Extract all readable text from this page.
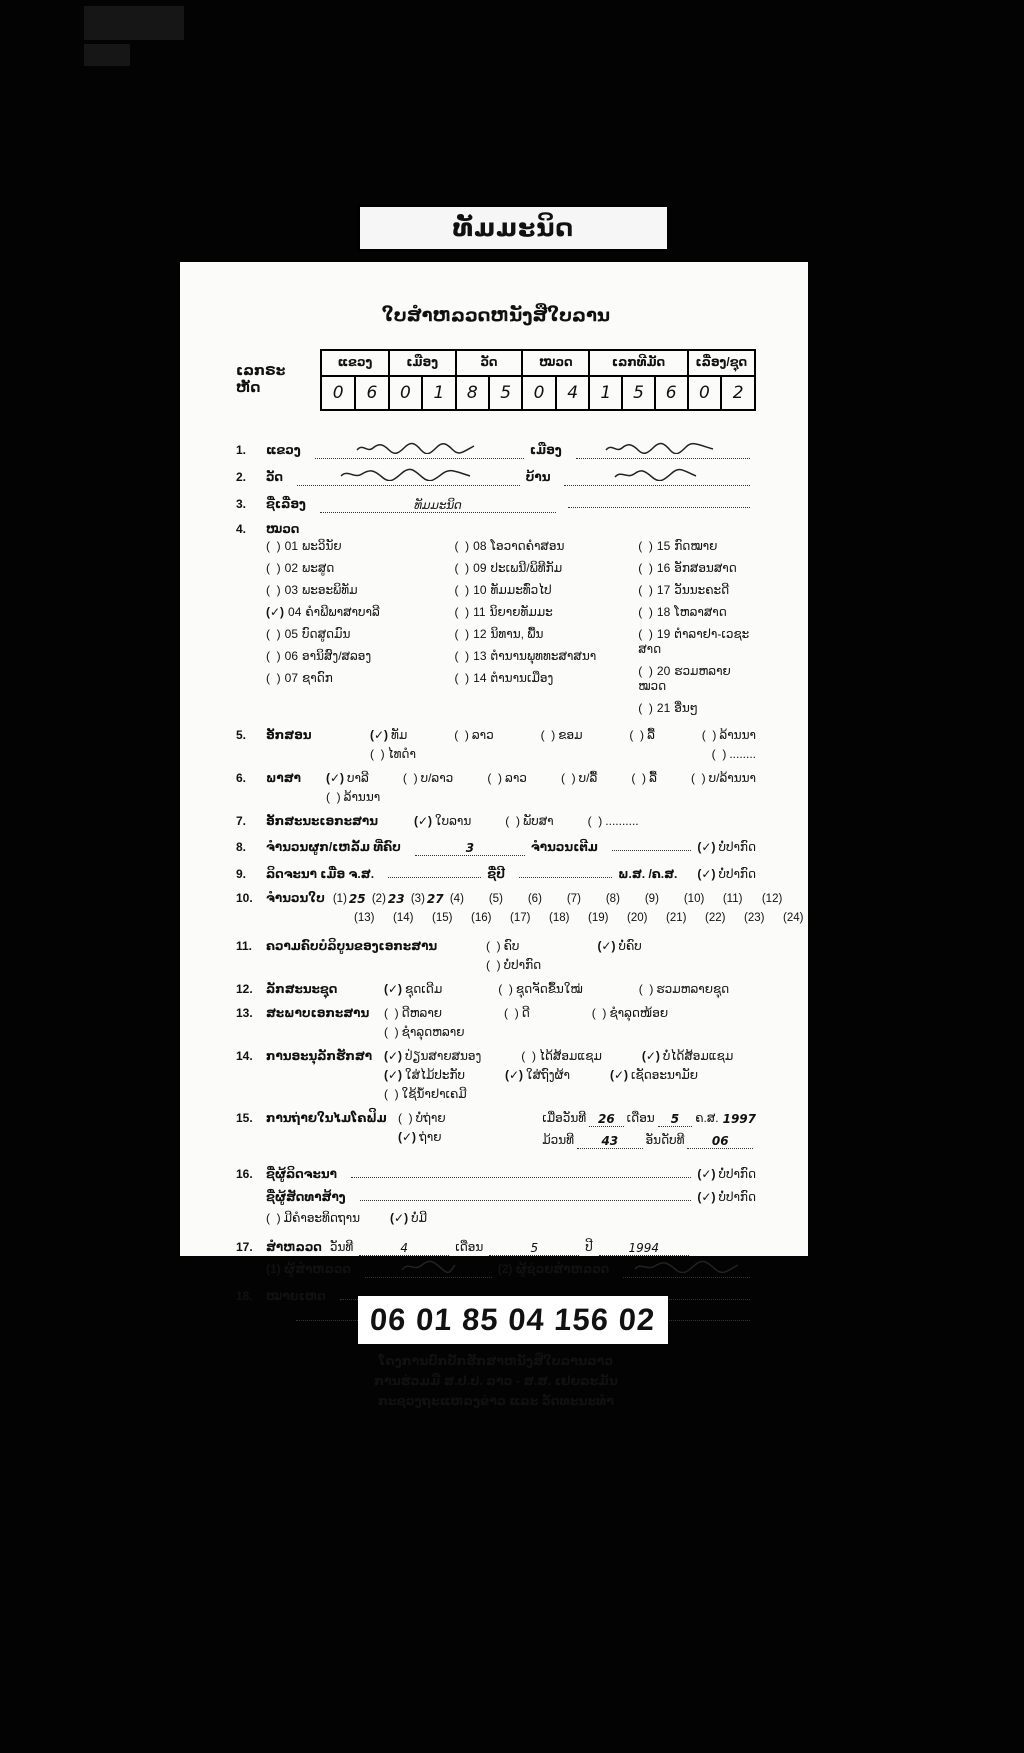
ທັມມະນິດ
ໃບສຳຫລວດຫນັງສືໃບລານ
ເລກຣະຫັດ
ແຂວງ		ເມືອງ		ວັດ		ໝວດ		ເລກທີມັດ			ເລື່ອງ/ຊຸດ	
0	6	0	1	8	5	0	4	1	5	6	0	2
1.	ແຂວງ	ເມືອງ
2.	ວັດ	ບ້ານ
3.	ຊື່ເລື່ອງ	ທັມມະນິດ
4.	ໝວດ
(  ) 01 ພະວິນັຍ
(  ) 02 ພະສູດ
(  ) 03 ພະອະພິທັມ
(✓) 04 ຄຳພີພາສາບາລີ
(  ) 05 ບົດສູດມົນ
(  ) 06 ອານິສົງ/ສລອງ
(  ) 07 ຊາດົກ
(  ) 08 ໂອວາດຄຳສອນ
(  ) 09 ປະເພນີ/ພິທີກັມ
(  ) 10 ທັມມະທົ່ວໄປ
(  ) 11 ນິຍາຍທັມມະ
(  ) 12 ນິທານ, ພື້ນ
(  ) 13 ຕຳນານພຸທທະສາສນາ
(  ) 14 ຕຳນານເມືອງ
(  ) 15 ກົດໝາຍ
(  ) 16 ອັກສອນສາດ
(  ) 17 ວັນນະຄະດີ
(  ) 18 ໂຫລາສາດ
(  ) 19 ຕຳລາຢາ-ເວຊະສາດ
(  ) 20 ຮວມຫລາຍໝວດ
(  ) 21 ອື່ນໆ
5.	ອັກສອນ	(✓) ທັມ	(  ) ລາວ	(  ) ຂອມ	(  ) ລື້	(  ) ລ້ານນາ
(  ) ໄທດຳ	(  ) ........
6.	ພາສາ	(✓) ບາລີ	(  ) ບ/ລາວ	(  ) ລາວ	(  ) ບ/ລື້	(  ) ລື້	(  ) ບ/ລ້ານນາ
(  ) ລ້ານນາ
7.	ອັກສະນະເອກະສານ	(✓) ໃບລານ	(  ) ພັບສາ	(  ) ..........
8.	ຈຳນວນຜູກ/ເຫລັ້ມ ທີ່ຄົບ	3	ຈຳນວນເຕີມ	(✓) ບໍ່ປາກົດ
9.	ລິດຈະນາ ເມື່ອ ຈ.ສ.	ຊື່ປີ	ພ.ສ. /ຄ.ສ. (✓) ບໍ່ປາກົດ
10.	ຈຳນວນໃບ (1) 25 (2) 23 (3) 27 (4)	(5)	(6)	(7)	(8)	(9)	(10)	(11)	(12)
(13)	(14)	(15)	(16)	(17)	(18)	(19)	(20)	(21)	(22)	(23)	(24)
11.	ຄວາມຄົບບໍລິບູນຂອງເອກະສານ	(  ) ຄົບ	(✓) ບໍ່ຄົບ
(  ) ບໍ່ປາກົດ
12.	ລັກສະນະຊຸດ	(✓) ຊຸດເດີມ	(  ) ຊຸດຈັດຂຶ້ນໃໝ່	(  ) ຮວມຫລາຍຊຸດ
13.	ສະພາບເອກະສານ	(  ) ດີຫລາຍ	(  ) ດີ	(  ) ຊຳລຸດໜ້ອຍ
(  ) ຊຳລຸດຫລາຍ
14.	ການອະນຸລັກຮັກສາ (✓) ປ່ຽນສາຍສນອງ	(  ) ໄດ້ສ້ອມແຊມ	(✓) ບໍ່ໄດ້ສ້ອມແຊມ
(✓) ໃສ່ໄມ້ປະກັບ	(✓) ໃສ່ຖົງຜ້າ	(✓) ເຊັດອະນາມັຍ
(  ) ໃຊ້ນ້ຳຢາເຄມີ
15.	ການຖ່າຍໃນໄມໂຄຟິມ (  ) ບໍ່ຖ່າຍ
(✓) ຖ່າຍ
ເມື່ອວັນທີ 26 ເດືອນ	5	ຄ.ສ. 1997
ມ້ວນທີ	43	ອັນດັບທີ	06
16.	ຊື່ຜູ້ລິດຈະນາ	(✓) ບໍ່ປາກົດ
ຊື່ຜູ້ສັດທາສ້າງ	(✓) ບໍ່ປາກົດ
(  ) ມີຄຳອະທິດຖານ	(✓) ບໍ່ມີ
17.	ສຳຫລວດ ວັນທີ	4	ເດືອນ	5	ປີ	1994
(1) ຜູ້ສຳຫລວດ	(2) ຜູ້ຊ່ວຍສຳຫລວດ
18.	ໝາຍເຫດ
ໂຄງການປົກປັກຮັກສາຫນັງສືໃບລານລາວ
ການຮ່ວມມື ສ.ປ.ປ. ລາວ - ສ.ສ. ເຢຍລະມັນ
ກະຊວງຖະແຫລງຂ່າວ ແລະ ວັດທະນະທຳ
06 01 85 04 156 02
